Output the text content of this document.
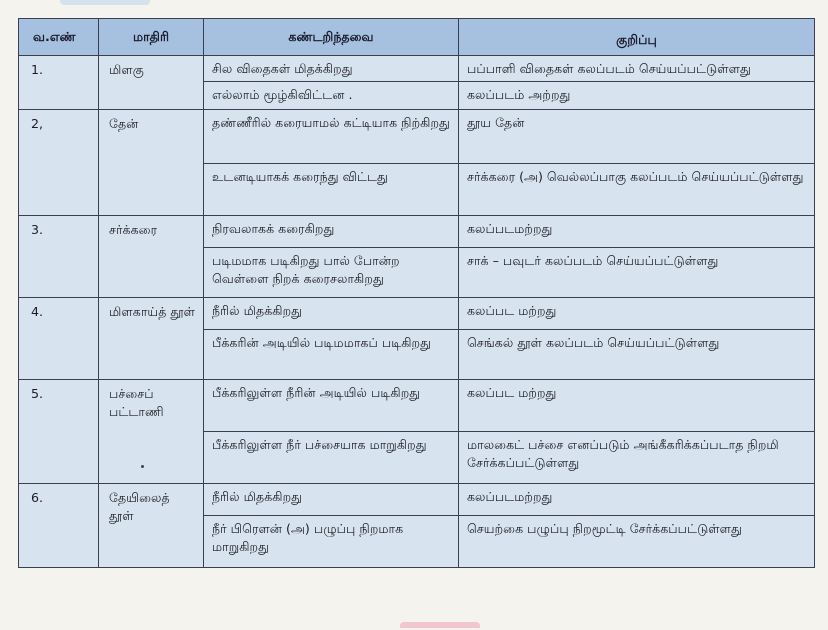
வ.எண்	மாதிரி	கண்டறிந்தவை	குறிப்பு
1.	மிளகு	சில விதைகள் மிதக்கிறது	பப்பாளி விதைகள் கலப்படம் செய்யப்பட்டுள்ளது
		எல்லாம் மூழ்கிவிட்டன .	கலப்படம் அற்றது
2,	தேன்	தண்ணீரில் கரையாமல் கட்டியாக நிற்கிறது	தூய தேன்
		உடனடியாகக் கரைந்து விட்டது	சர்க்கரை (அ) வெல்லப்பாகு கலப்படம் செய்யப்பட்டுள்ளது
3.	சர்க்கரை	நிரவலாகக் கரைகிறது	கலப்படமற்றது
		படிமமாக படிகிறது பால் போன்ற வெள்ளை நிறக் கரைசலாகிறது	சாக் – பவுடர் கலப்படம் செய்யப்பட்டுள்ளது
4.	மிளகாய்த் தூள்	நீரில் மிதக்கிறது	கலப்பட மற்றது
		பீக்கரின் அடியில் படிமமாகப் படிகிறது	செங்கல் தூள் கலப்படம் செய்யப்பட்டுள்ளது
5.	பச்சைப் பட்டாணி	பீக்கரிலுள்ள நீரின் அடியில் படிகிறது	கலப்பட மற்றது
		பீக்கரிலுள்ள நீர் பச்சையாக மாறுகிறது	மாலகைட் பச்சை எனப்படும் அங்கீகரிக்கப்படாத நிறமி சேர்க்கப்பட்டுள்ளது
6.	தேயிலைத் தூள்	நீரில் மிதக்கிறது	கலப்படமற்றது
		நீர் பிரௌன் (அ) பழுப்பு நிறமாக மாறுகிறது	செயற்கை பழுப்பு நிறமூட்டி சேர்க்கப்பட்டுள்ளது
